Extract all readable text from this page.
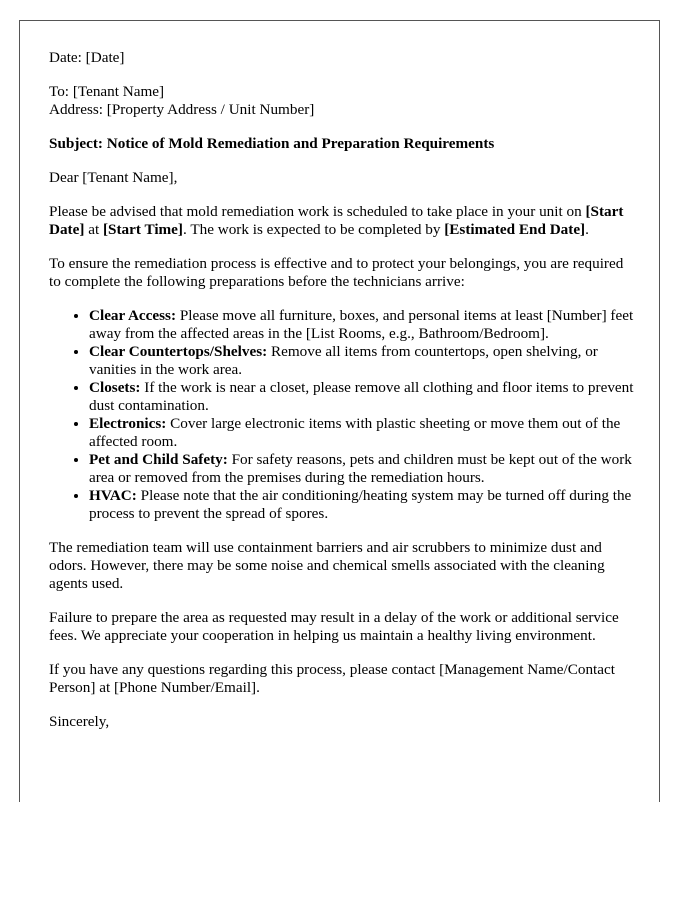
Date: [Date]

To: [Tenant Name]

Address: [Property Address / Unit Number]

Subject: Notice of Mold Remediation and Preparation Requirements

Dear [Tenant Name],

Please be advised that mold remediation work is scheduled to take place in your unit on [Start Date] at [Start Time]. The work is expected to be completed by [Estimated End Date].

To ensure the remediation process is effective and to protect your belongings, you are required to complete the following preparations before the technicians arrive:

• Clear Access: Please move all furniture, boxes, and personal items at least [Number] feet away from the affected areas in the [List Rooms, e.g., Bathroom/Bedroom].
• Clear Countertops/Shelves: Remove all items from countertops, open shelving, or vanities in the work area.
• Closets: If the work is near a closet, please remove all clothing and floor items to prevent dust contamination.
• Electronics: Cover large electronic items with plastic sheeting or move them out of the affected room.
• Pet and Child Safety: For safety reasons, pets and children must be kept out of the work area or removed from the premises during the remediation hours.
• HVAC: Please note that the air conditioning/heating system may be turned off during the process to prevent the spread of spores.

The remediation team will use containment barriers and air scrubbers to minimize dust and odors. However, there may be some noise and chemical smells associated with the cleaning agents used.

Failure to prepare the area as requested may result in a delay of the work or additional service fees. We appreciate your cooperation in helping us maintain a healthy living environment.

If you have any questions regarding this process, please contact [Management Name/Contact Person] at [Phone Number/Email].

Sincerely,
